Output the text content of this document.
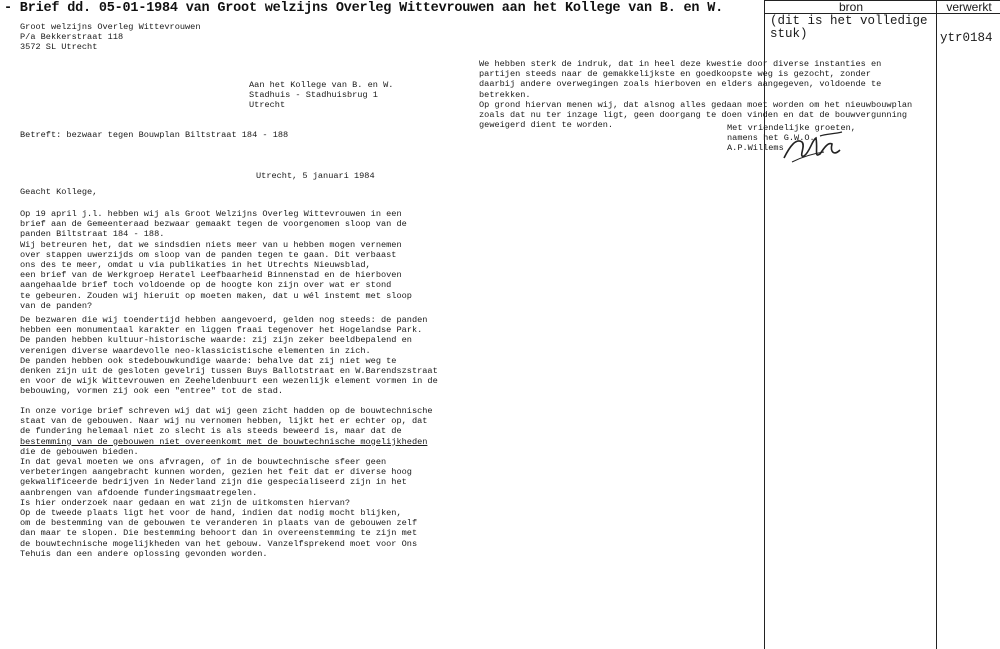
- Brief dd. 05-01-1984 van Groot welzijns Overleg Wittevrouwen aan het Kollege van B. en W.	bron	verwerkt
(dit is het volledige
stuk)	ytr0184
Groot welzijns Overleg Wittevrouwen
P/a Bekkerstraat 118
3572 SL Utrecht
Aan het Kollege van B. en W.
Stadhuis - Stadhuisbrug 1
Utrecht
Betreft: bezwaar tegen Bouwplan Biltstraat 184 - 188
Utrecht, 5 januari 1984
Geacht Kollege,
Op 19 april j.l. hebben wij als Groot Welzijns Overleg Wittevrouwen in een
brief aan de Gemeenteraad bezwaar gemaakt tegen de voorgenomen sloop van de
panden Biltstraat 184 - 188.
Wij betreuren het, dat we sindsdien niets meer van u hebben mogen vernemen
over stappen uwerzijds om sloop van de panden tegen te gaan. Dit verbaast
ons des te meer, omdat u via publikaties in het Utrechts Nieuwsblad,
een brief van de Werkgroep Heratel Leefbaarheid Binnenstad en de hierboven
aangehaalde brief toch voldoende op de hoogte kon zijn over wat er stond
te gebeuren. Zouden wij hieruit op moeten maken, dat u wél instemt met sloop
van de panden?
De bezwaren die wij toendertijd hebben aangevoerd, gelden nog steeds: de panden
hebben een monumentaal karakter en liggen fraai tegenover het Hogelandse Park.
De panden hebben kultuur-historische waarde: zij zijn zeker beeldbepalend en
verenigen diverse waardevolle neo-klassicistische elementen in zich.
De panden hebben ook stedebouwkundige waarde: behalve dat zij niet weg te
denken zijn uit de gesloten gevelrij tussen Buys Ballotstraat en W.Barendszstraat
en voor de wijk Wittevrouwen en Zeeheldenbuurt een wezenlijk element vormen in de
bebouwing, vormen zij ook een "entree" tot de stad.
In onze vorige brief schreven wij dat wij geen zicht hadden op de bouwtechnische
staat van de gebouwen. Naar wij nu vernomen hebben, lijkt het er echter op, dat
de fundering helemaal niet zo slecht is als steeds beweerd is, maar dat de
bestemming van de gebouwen niet overeenkomt met de bouwtechnische mogelijkheden
die de gebouwen bieden.
In dat geval moeten we ons afvragen, of in de bouwtechnische sfeer geen
verbeteringen aangebracht kunnen worden, gezien het feit dat er diverse hoog
gekwalificeerde bedrijven in Nederland zijn die gespecialiseerd zijn in het
aanbrengen van afdoende funderingsmaatregelen.
Is hier onderzoek naar gedaan en wat zijn de uitkomsten hiervan?
Op de tweede plaats ligt het voor de hand, indien dat nodig mocht blijken,
om de bestemming van de gebouwen te veranderen in plaats van de gebouwen zelf
dan maar te slopen. Die bestemming behoort dan in overeenstemming te zijn met
de bouwtechnische mogelijkheden van het gebouw. Vanzelfsprekend moet voor Ons
Tehuis dan een andere oplossing gevonden worden.
We hebben sterk de indruk, dat in heel deze kwestie door diverse instanties en
partijen steeds naar de gemakkelijkste en goedkoopste weg is gezocht, zonder
daarbij andere overwegingen zoals hierboven en elders aangegeven, voldoende te
betrekken.
Op grond hiervan menen wij, dat alsnog alles gedaan moet worden om het nieuwbouwplan
zoals dat nu ter inzage ligt, geen doorgang te doen vinden en dat de bouwvergunning
geweigerd dient te worden.	Met vriendelijke groeten,
namens het G.W.O.
A.P.Willems
